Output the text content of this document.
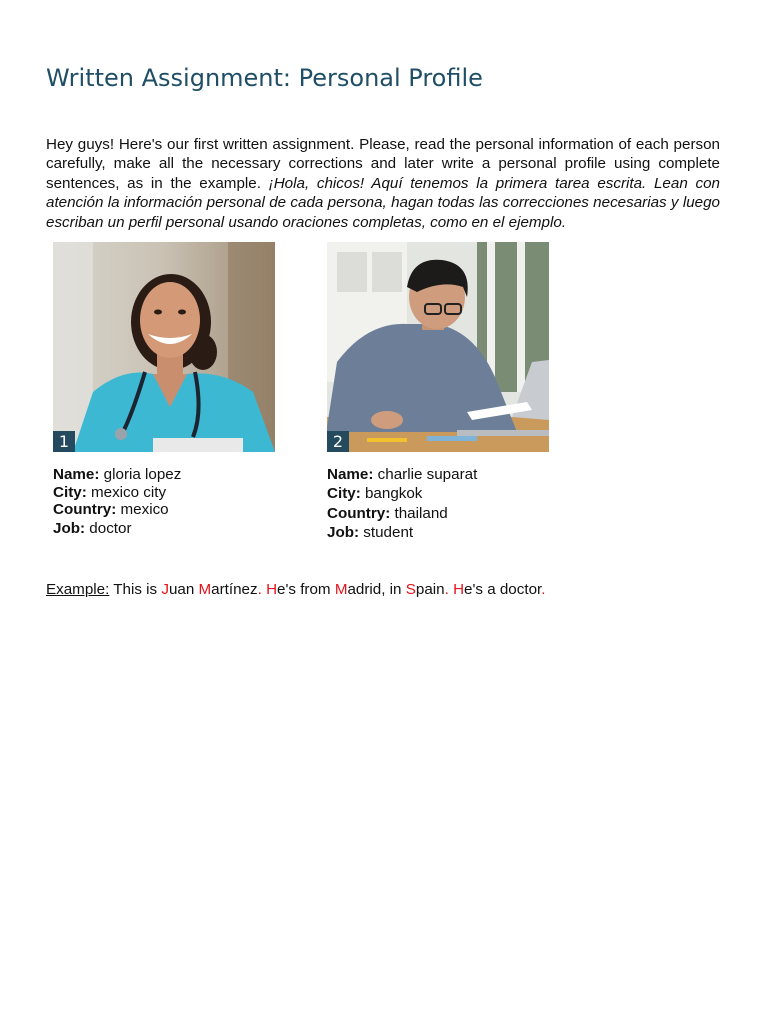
Written Assignment: Personal Profile

Hey guys! Here's our first written assignment. Please, read the personal information of each person carefully, make all the necessary corrections and later write a personal profile using complete sentences, as in the example. ¡Hola, chicos! Aquí tenemos la primera tarea escrita. Lean con atención la información personal de cada persona, hagan todas las correcciones necesarias y luego escriban un perfil personal usando oraciones completas, como en el ejemplo.

1	2
Name: gloria lopez
City: mexico city
Country: mexico
Job: doctor
Name: charlie suparat
City: bangkok
Country: thailand
Job: student
Example: This is Juan Martínez. He's from Madrid, in Spain. He's a doctor.
